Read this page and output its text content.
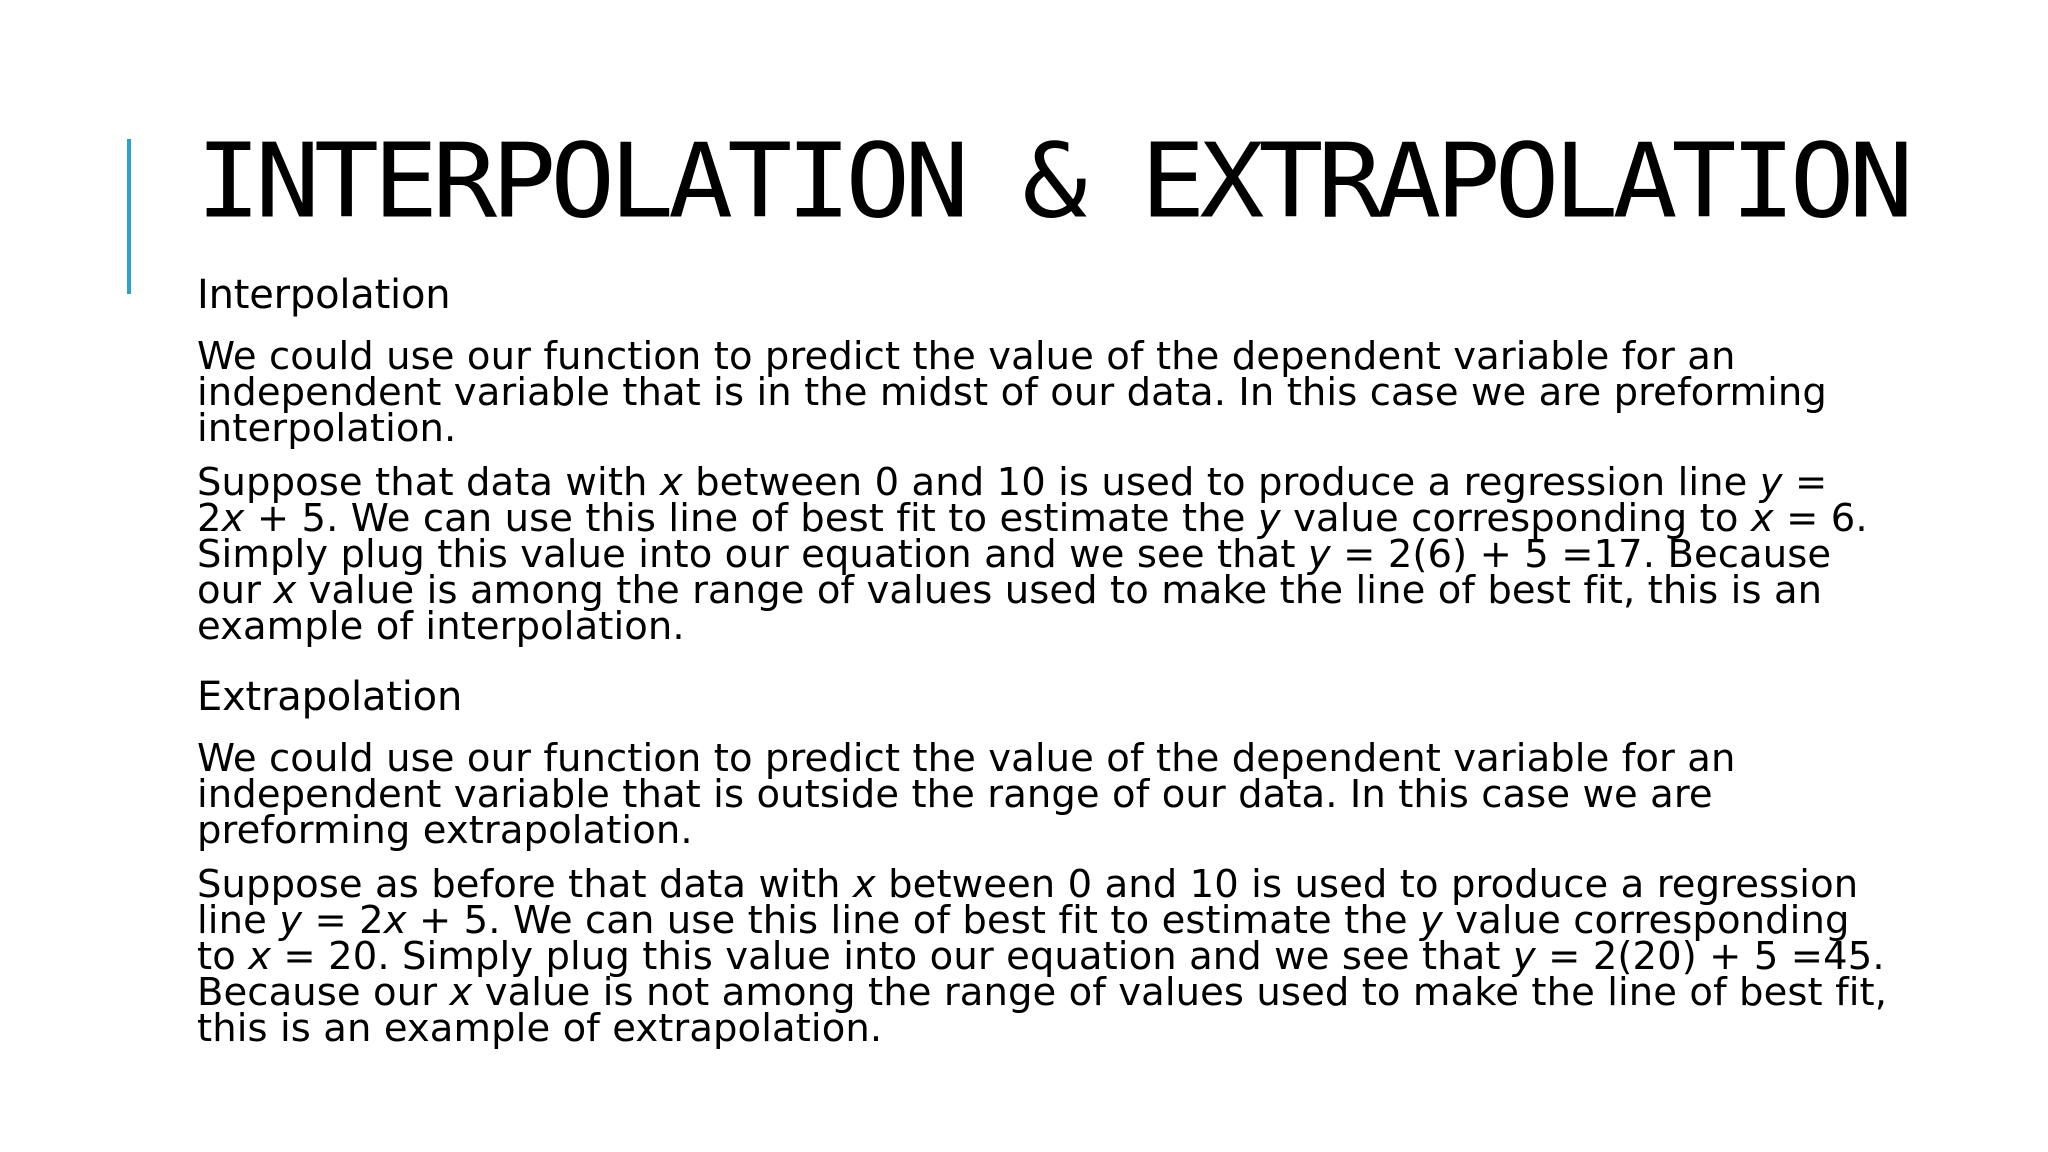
INTERPOLATION & EXTRAPOLATION
Interpolation

We could use our function to predict the value of the dependent variable for an
independent variable that is in the midst of our data. In this case we are preforming
interpolation.

Suppose that data with x between 0 and 10 is used to produce a regression line y =
2x + 5. We can use this line of best fit to estimate the y value corresponding to x = 6.
Simply plug this value into our equation and we see that y = 2(6) + 5 =17. Because
our x value is among the range of values used to make the line of best fit, this is an
example of interpolation.

Extrapolation

We could use our function to predict the value of the dependent variable for an
independent variable that is outside the range of our data. In this case we are
preforming extrapolation.

Suppose as before that data with x between 0 and 10 is used to produce a regression
line y = 2x + 5. We can use this line of best fit to estimate the y value corresponding
to x = 20. Simply plug this value into our equation and we see that y = 2(20) + 5 =45.
Because our x value is not among the range of values used to make the line of best fit,
this is an example of extrapolation.
